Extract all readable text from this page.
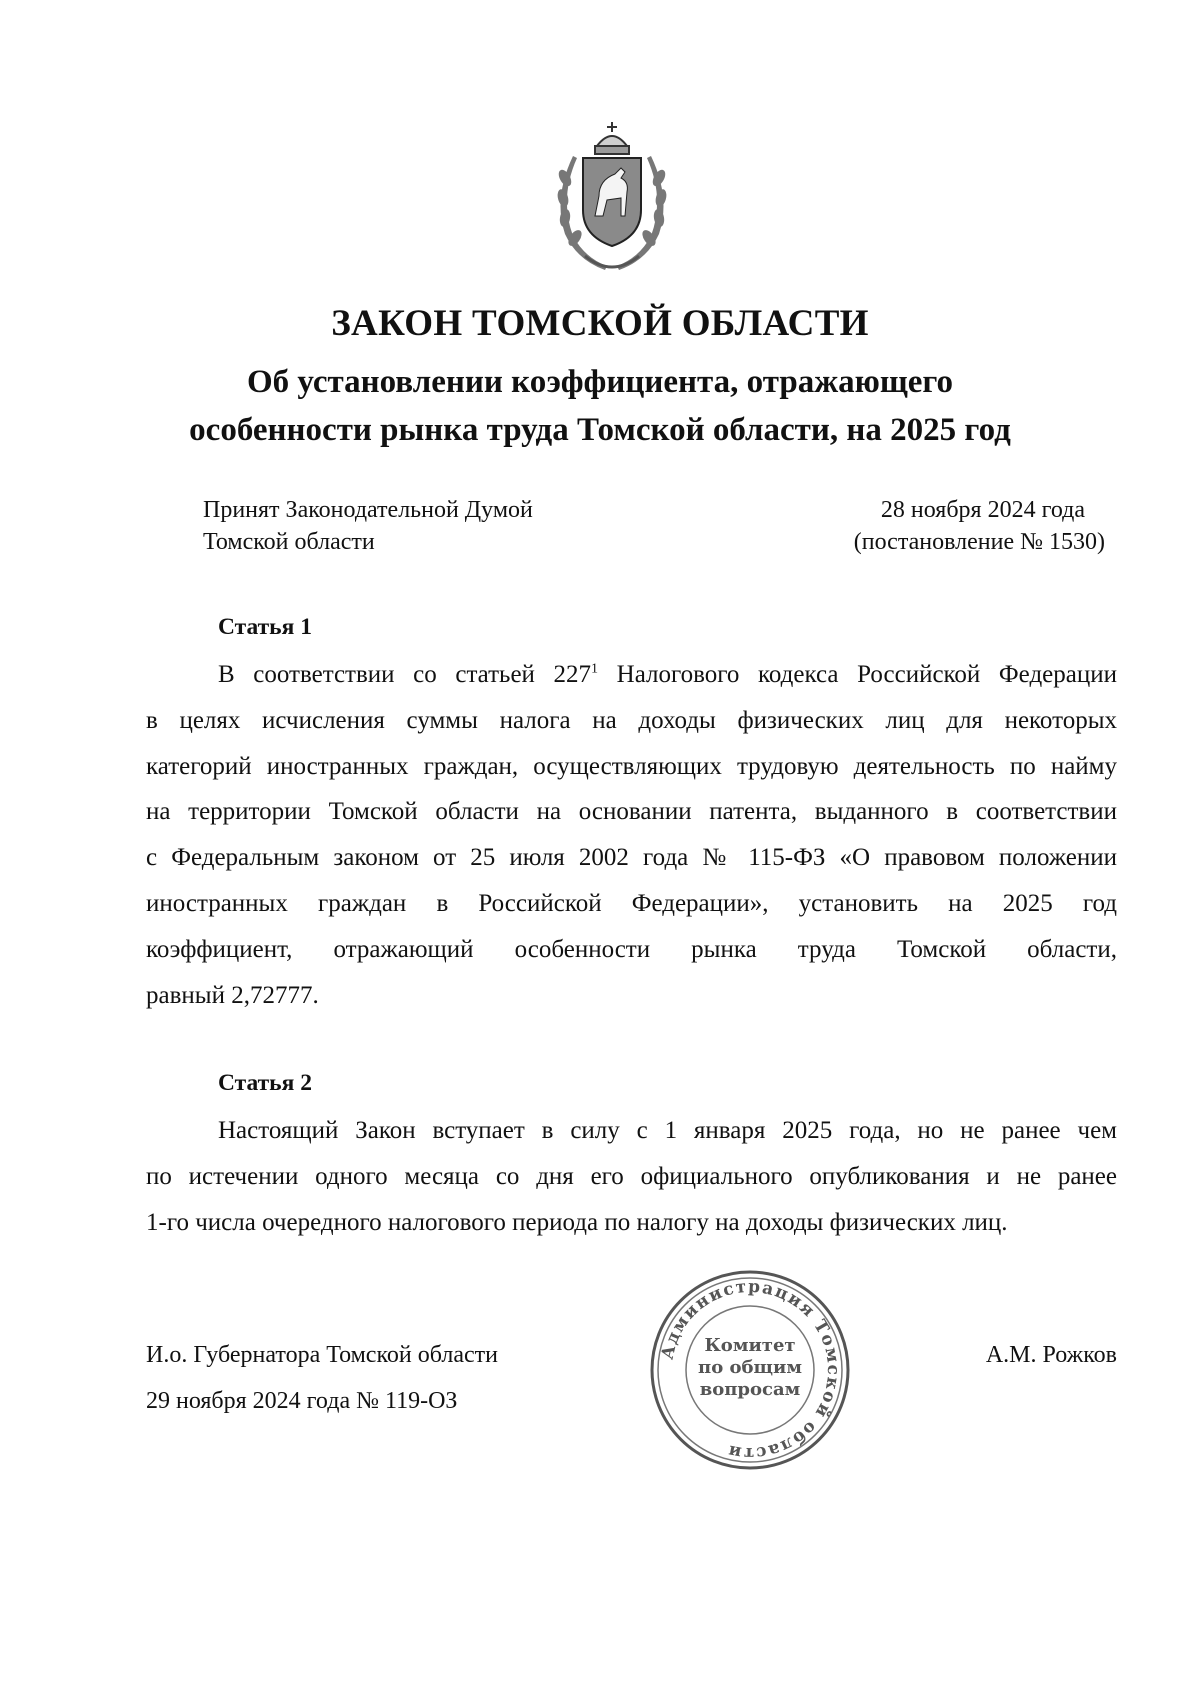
ЗАКОН ТОМСКОЙ ОБЛАСТИ
Об установлении коэффициента, отражающего
особенности рынка труда Томской области, на 2025 год
Принят Законодательной Думой
Томской области
28 ноября 2024 года
(постановление № 1530)
Статья 1
В соответствии со статьей $227^1$ Налогового кодекса Российской Федерации
в целях исчисления суммы налога на доходы физических лиц для некоторых
категорий иностранных граждан, осуществляющих трудовую деятельность по найму
на территории Томской области на основании патента, выданного в соответствии
с Федеральным законом от 25 июля 2002 года № 115-ФЗ «О правовом положении
иностранных граждан в Российской Федерации», установить на 2025 год
коэффициент, отражающий особенности рынка труда Томской области,
равный 2,72777.
Статья 2
Настоящий Закон вступает в силу с 1 января 2025 года, но не ранее чем
по истечении одного месяца со дня его официального опубликования и не ранее
1-го числа очередного налогового периода по налогу на доходы физических лиц.
И.о. Губернатора Томской области
29 ноября 2024 года № 119-ОЗ
А.М. Рожков
Администрация Томской области
Комитет
по общим
вопросам
